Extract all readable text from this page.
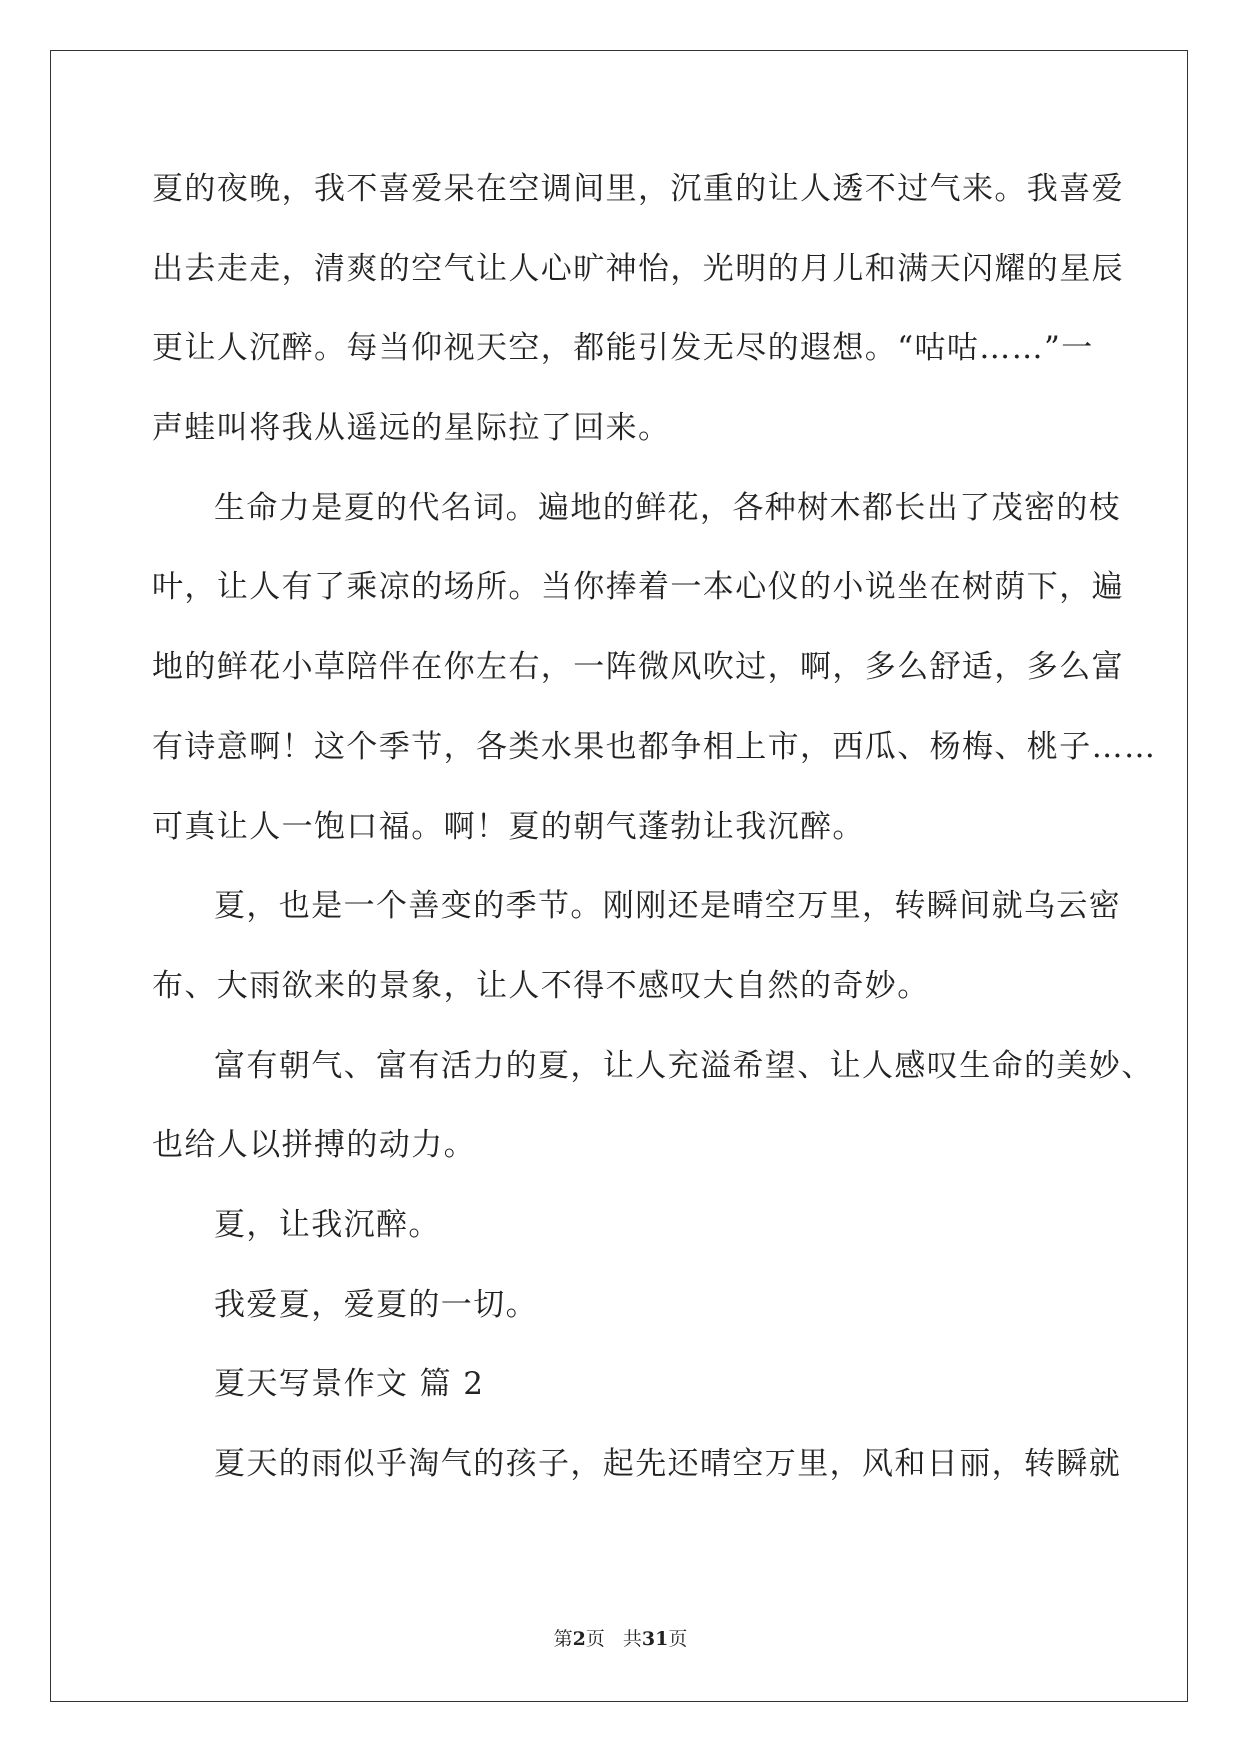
夏的夜晚，我不喜爱呆在空调间里，沉重的让人透不过气来。我喜爱
出去走走，清爽的空气让人心旷神怡，光明的月儿和满天闪耀的星辰
更让人沉醉。每当仰视天空，都能引发无尽的遐想。“咕咕……”一
声蛙叫将我从遥远的星际拉了回来。
生命力是夏的代名词。遍地的鲜花，各种树木都长出了茂密的枝
叶，让人有了乘凉的场所。当你捧着一本心仪的小说坐在树荫下，遍
地的鲜花小草陪伴在你左右，一阵微风吹过，啊，多么舒适，多么富
有诗意啊！这个季节，各类水果也都争相上市，西瓜、杨梅、桃子……
可真让人一饱口福。啊！夏的朝气蓬勃让我沉醉。
夏，也是一个善变的季节。刚刚还是晴空万里，转瞬间就乌云密
布、大雨欲来的景象，让人不得不感叹大自然的奇妙。
富有朝气、富有活力的夏，让人充溢希望、让人感叹生命的美妙、
也给人以拼搏的动力。
夏，让我沉醉。
我爱夏，爱夏的一切。
夏天写景作文 篇 2
夏天的雨似乎淘气的孩子，起先还晴空万里，风和日丽，转瞬就
第2页 共31页
